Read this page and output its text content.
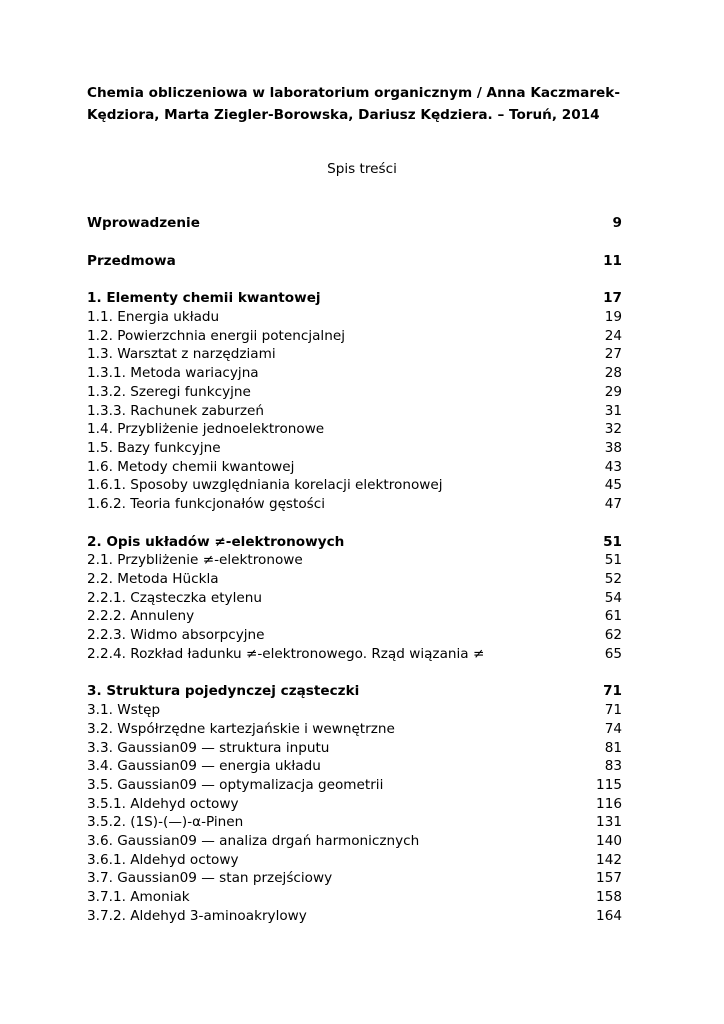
Chemia obliczeniowa w laboratorium organicznym / Anna Kaczmarek-Kędziora, Marta Ziegler-Borowska, Dariusz Kędziera. – Toruń, 2014

Spis treści
Wprowadzenie	9
Przedmowa	11
1. Elementy chemii kwantowej	17
1.1. Energia układu	19
1.2. Powierzchnia energii potencjalnej	24
1.3. Warsztat z narzędziami	27
1.3.1. Metoda wariacyjna	28
1.3.2. Szeregi funkcyjne	29
1.3.3. Rachunek zaburzeń	31
1.4. Przybliżenie jednoelektronowe	32
1.5. Bazy funkcyjne	38
1.6. Metody chemii kwantowej	43
1.6.1. Sposoby uwzględniania korelacji elektronowej	45
1.6.2. Teoria funkcjonałów gęstości	47
2. Opis układów ≠-elektronowych	51
2.1. Przybliżenie ≠-elektronowe	51
2.2. Metoda Hückla	52
2.2.1. Cząsteczka etylenu	54
2.2.2. Annuleny	61
2.2.3. Widmo absorpcyjne	62
2.2.4. Rozkład ładunku ≠-elektronowego. Rząd wiązania ≠	65
3. Struktura pojedynczej cząsteczki	71
3.1. Wstęp	71
3.2. Współrzędne kartezjańskie i wewnętrzne	74
3.3. Gaussian09 — struktura inputu	81
3.4. Gaussian09 — energia układu	83
3.5. Gaussian09 — optymalizacja geometrii	115
3.5.1. Aldehyd octowy	116
3.5.2. (1S)-(—)-α-Pinen	131
3.6. Gaussian09 — analiza drgań harmonicznych	140
3.6.1. Aldehyd octowy	142
3.7. Gaussian09 — stan przejściowy	157
3.7.1. Amoniak	158
3.7.2. Aldehyd 3-aminoakrylowy	164
